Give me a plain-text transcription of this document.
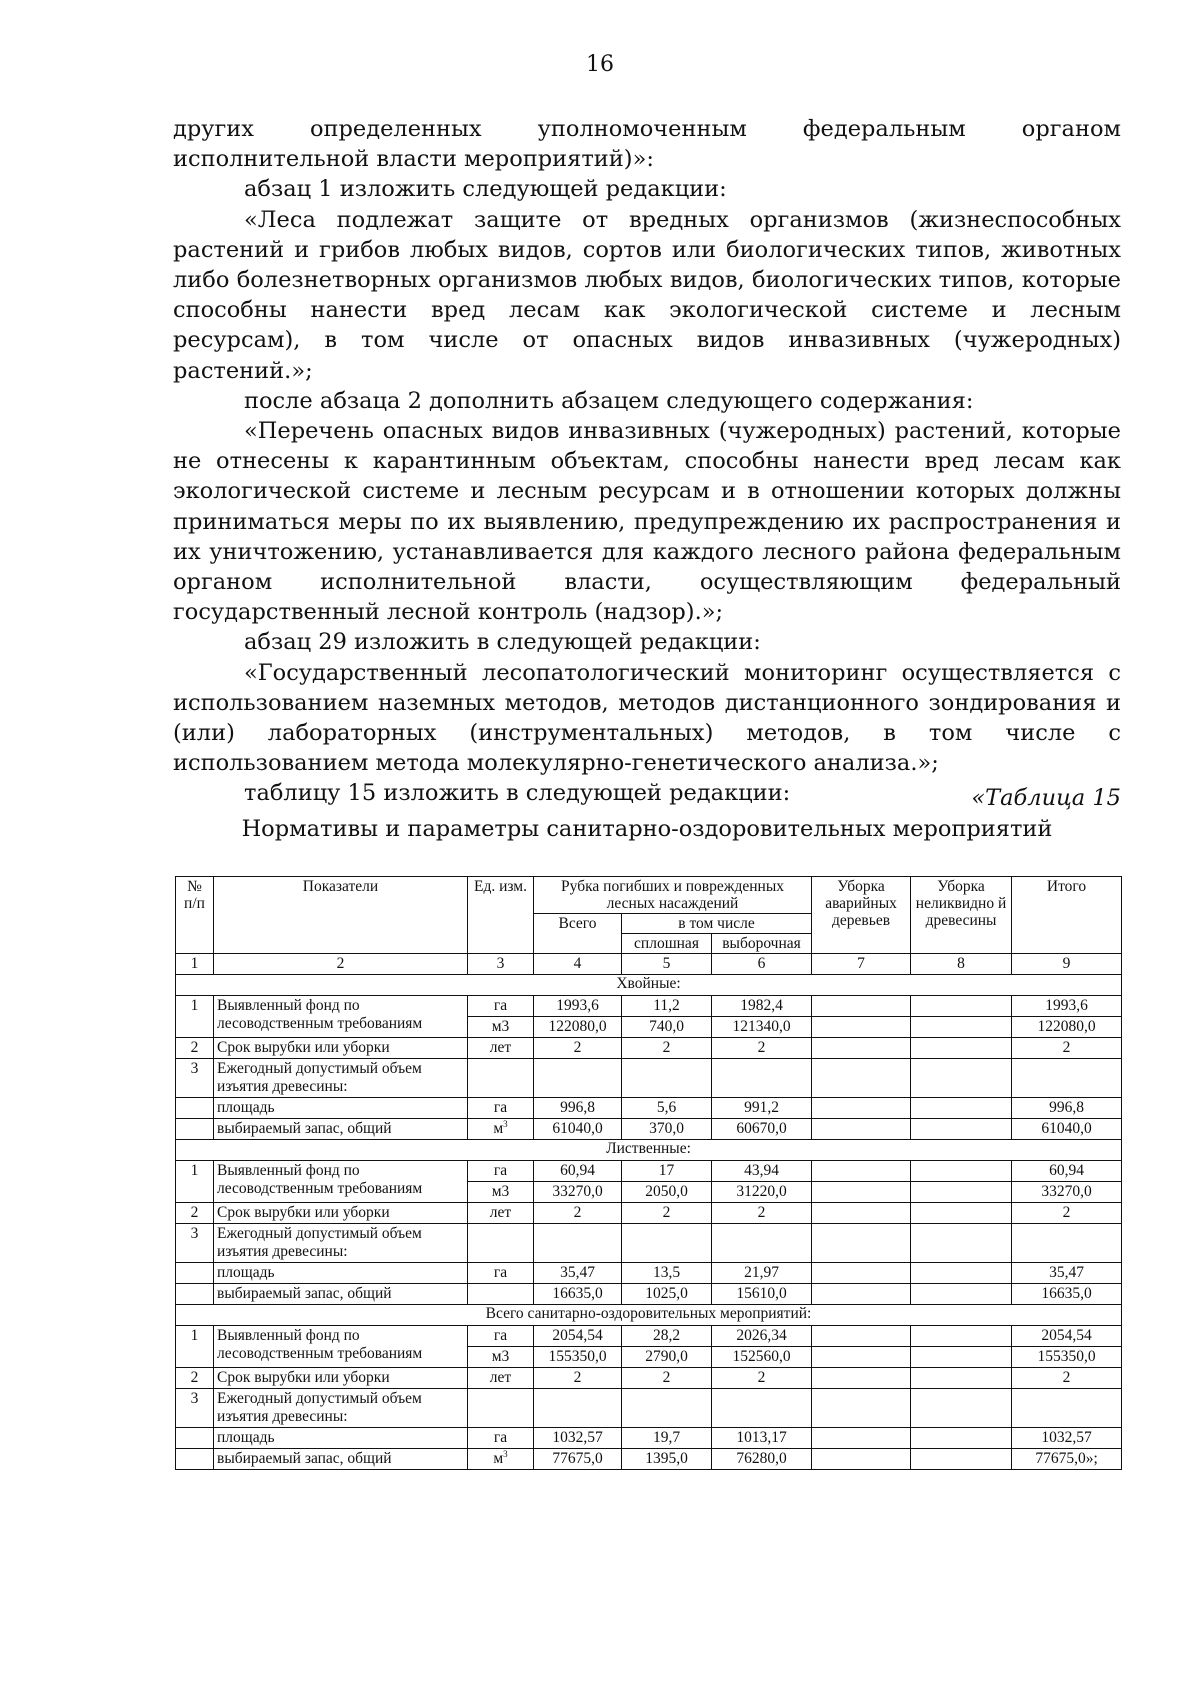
16

других определенных уполномоченным федеральным органом исполнительной власти мероприятий)»:

абзац 1 изложить следующей редакции:

«Леса подлежат защите от вредных организмов (жизнеспособных растений и грибов любых видов, сортов или биологических типов, животных либо болезнетворных организмов любых видов, биологических типов, которые способны нанести вред лесам как экологической системе и лесным ресурсам), в том числе от опасных видов инвазивных (чужеродных) растений.»;

после абзаца 2 дополнить абзацем следующего содержания:

«Перечень опасных видов инвазивных (чужеродных) растений, которые не отнесены к карантинным объектам, способны нанести вред лесам как экологической системе и лесным ресурсам и в отношении которых должны приниматься меры по их выявлению, предупреждению их распространения и их уничтожению, устанавливается для каждого лесного района федеральным органом исполнительной власти, осуществляющим федеральный государственный лесной контроль (надзор).»;

абзац 29 изложить в следующей редакции:

«Государственный лесопатологический мониторинг осуществляется с использованием наземных методов, методов дистанционного зондирования и (или) лабораторных (инструментальных) методов, в том числе с использованием метода молекулярно-генетического анализа.»;

таблицу 15 изложить в следующей редакции:	«Таблица 15
Нормативы и параметры санитарно-оздоровительных мероприятий
№ п/п	Показатели	Ед. изм.	Рубка погибших и поврежденных лесных насаждений			Уборка аварийных деревьев	Уборка неликвидно й древесины	Итого
			Всего	в том числе				
				сплошная	выборочная			
1	2	3	4	5	6	7	8	9
Хвойные:								
1	Выявленный фонд по лесоводственным требованиям	га	1993,6	11,2	1982,4			1993,6
		м3	122080,0	740,0	121340,0			122080,0
2	Срок вырубки или уборки	лет	2	2	2			2
3	Ежегодный допустимый объем изъятия древесины:							
	площадь	га	996,8	5,6	991,2			996,8
	выбираемый запас, общий	$м^3$	61040,0	370,0	60670,0			61040,0
Лиственные:								
1	Выявленный фонд по лесоводственным требованиям	га	60,94	17	43,94			60,94
		м3	33270,0	2050,0	31220,0			33270,0
2	Срок вырубки или уборки	лет	2	2	2			2
3	Ежегодный допустимый объем изъятия древесины:							
	площадь	га	35,47	13,5	21,97			35,47
	выбираемый запас, общий		16635,0	1025,0	15610,0			16635,0
Всего санитарно-оздоровительных мероприятий:								
1	Выявленный фонд по лесоводственным требованиям	га	2054,54	28,2	2026,34			2054,54
		м3	155350,0	2790,0	152560,0			155350,0
2	Срок вырубки или уборки	лет	2	2	2			2
3	Ежегодный допустимый объем изъятия древесины:							
	площадь	га	1032,57	19,7	1013,17			1032,57
	выбираемый запас, общий	$м^3$	77675,0	1395,0	76280,0			77675,0»;
